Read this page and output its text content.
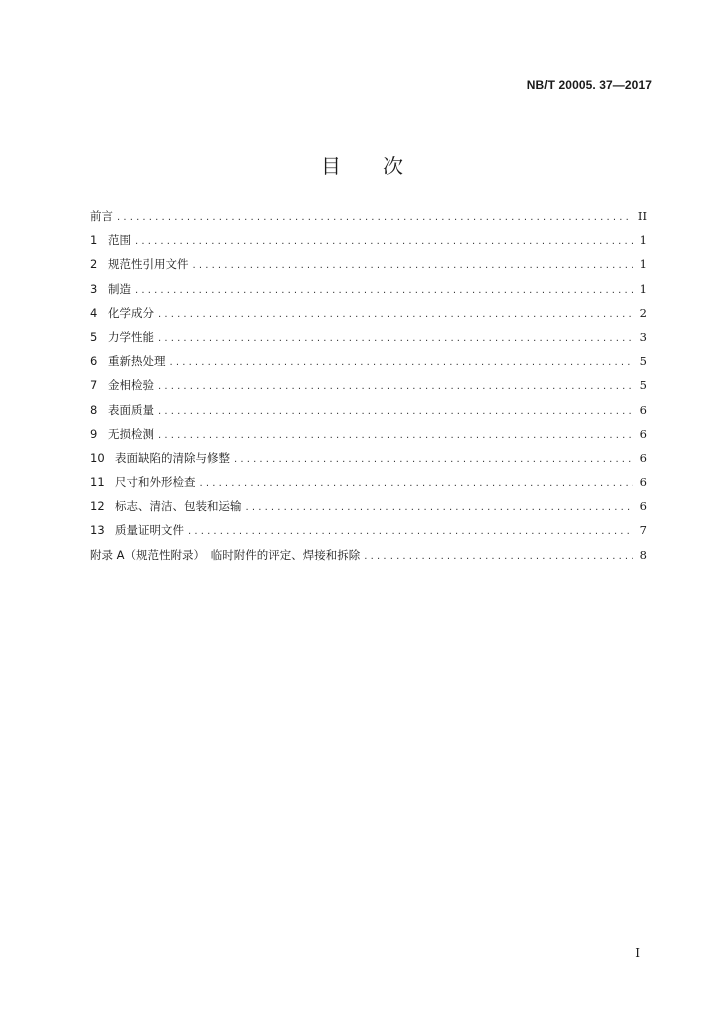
NB/T 20005. 37—2017
目 次
前言 . . .	II
1 范围 . . .	1
2 规范性引用文件 . . .	1
3 制造 . . .	1
4 化学成分 . . .	2
5 力学性能 . . .	3
6 重新热处理 . . .	5
7 金相检验 . . .	5
8 表面质量 . . .	6
9 无损检测 . . .	6
10 表面缺陷的清除与修整 . . .	6
11 尺寸和外形检查 . . .	6
12 标志、清洁、包装和运输 . . .	6
13 质量证明文件 . . .	7
附录 A（规范性附录）　临时附件的评定、焊接和拆除 . . .	8
I
